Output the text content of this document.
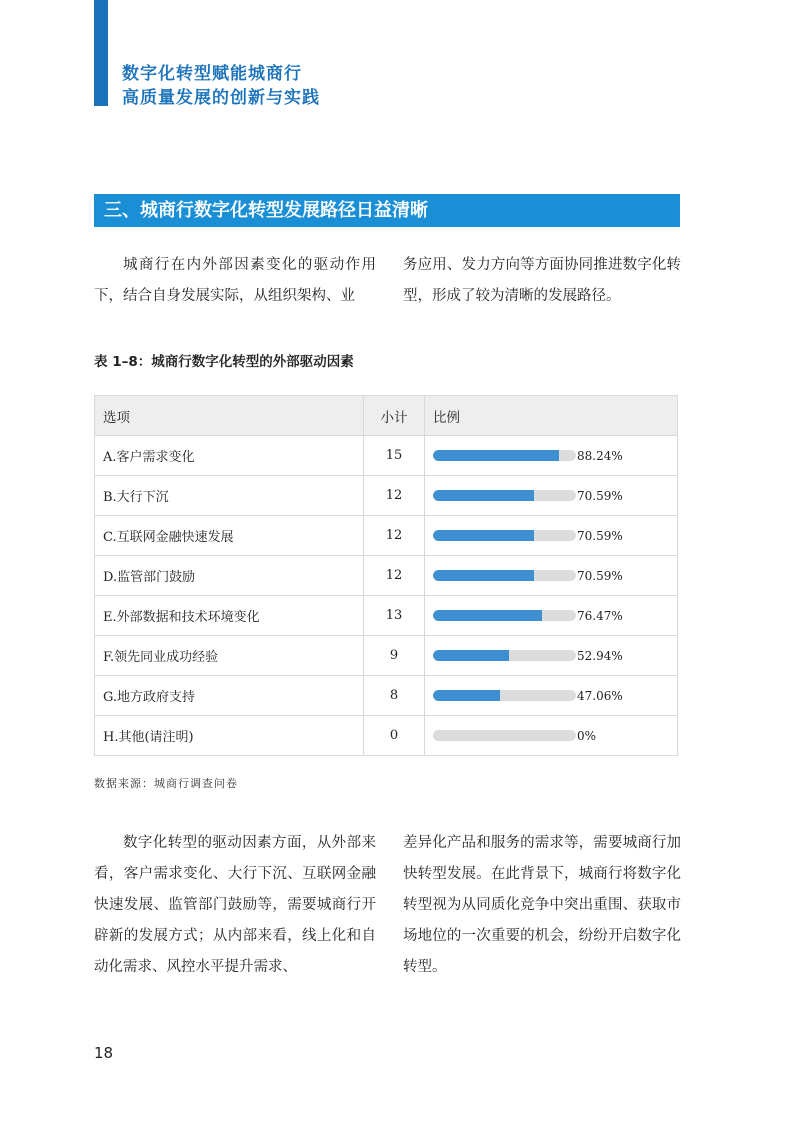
数字化转型赋能城商行
高质量发展的创新与实践
三、城商行数字化转型发展路径日益清晰
城商行在内外部因素变化的驱动作用下，结合自身发展实际，从组织架构、业
务应用、发力方向等方面协同推进数字化转型，形成了较为清晰的发展路径。
表 1–8：城商行数字化转型的外部驱动因素
选项	小计	比例
A.客户需求变化	15	88.24%

B.大行下沉	12	70.59%

C.互联网金融快速发展	12	70.59%

D.监管部门鼓励	12	70.59%

E.外部数据和技术环境变化	13	76.47%

F.领先同业成功经验	9	52.94%

G.地方政府支持	8	47.06%

H.其他(请注明)	0	0%
数据来源：城商行调查问卷
数字化转型的驱动因素方面，从外部来看，客户需求变化、大行下沉、互联网金融快速发展、监管部门鼓励等，需要城商行开辟新的发展方式；从内部来看，线上化和自动化需求、风控水平提升需求、
差异化产品和服务的需求等，需要城商行加快转型发展。在此背景下，城商行将数字化转型视为从同质化竞争中突出重围、获取市场地位的一次重要的机会，纷纷开启数字化转型。
18
